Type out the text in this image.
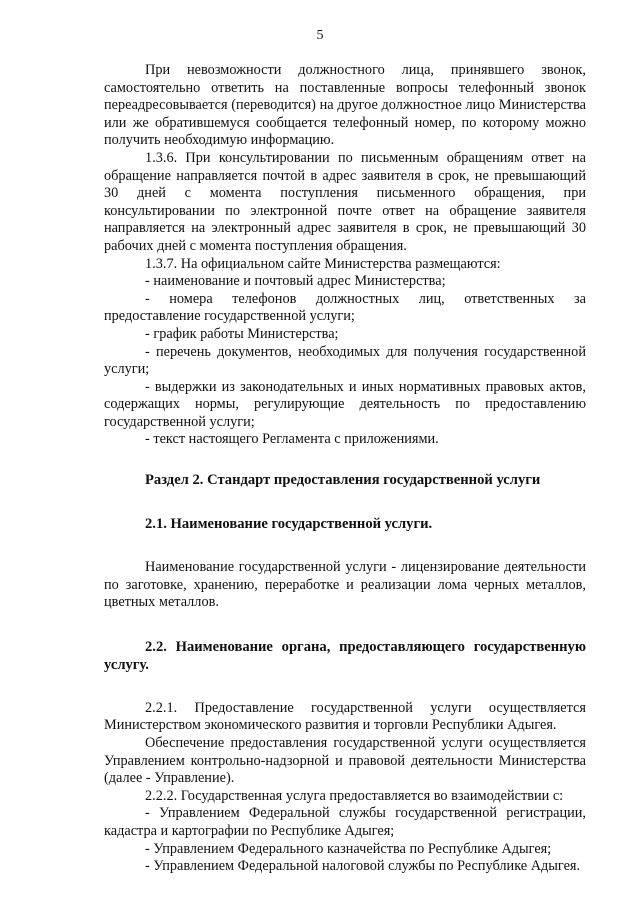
5

При невозможности должностного лица, принявшего звонок, самостоятельно ответить на поставленные вопросы телефонный звонок переадресовывается (переводится) на другое должностное лицо Министерства или же обратившемуся сообщается телефонный номер, по которому можно получить необходимую информацию.

1.3.6. При консультировании по письменным обращениям ответ на обращение направляется почтой в адрес заявителя в срок, не превышающий 30 дней с момента поступления письменного обращения, при консультировании по электронной почте ответ на обращение заявителя направляется на электронный адрес заявителя в срок, не превышающий 30 рабочих дней с момента поступления обращения.

1.3.7. На официальном сайте Министерства размещаются:

- наименование и почтовый адрес Министерства;

- номера телефонов должностных лиц, ответственных за предоставление государственной услуги;

- график работы Министерства;

- перечень документов, необходимых для получения государственной услуги;

- выдержки из законодательных и иных нормативных правовых актов, содержащих нормы, регулирующие деятельность по предоставлению государственной услуги;

- текст настоящего Регламента с приложениями.

Раздел 2. Стандарт предоставления государственной услуги

2.1. Наименование государственной услуги.

Наименование государственной услуги - лицензирование деятельности по заготовке, хранению, переработке и реализации лома черных металлов, цветных металлов.

2.2. Наименование органа, предоставляющего государственную услугу.

2.2.1. Предоставление государственной услуги осуществляется Министерством экономического развития и торговли Республики Адыгея.

Обеспечение предоставления государственной услуги осуществляется Управлением контрольно-надзорной и правовой деятельности Министерства (далее - Управление).

2.2.2. Государственная услуга предоставляется во взаимодействии с:

- Управлением Федеральной службы государственной регистрации, кадастра и картографии по Республике Адыгея;

- Управлением Федерального казначейства по Республике Адыгея;

- Управлением Федеральной налоговой службы по Республике Адыгея.
